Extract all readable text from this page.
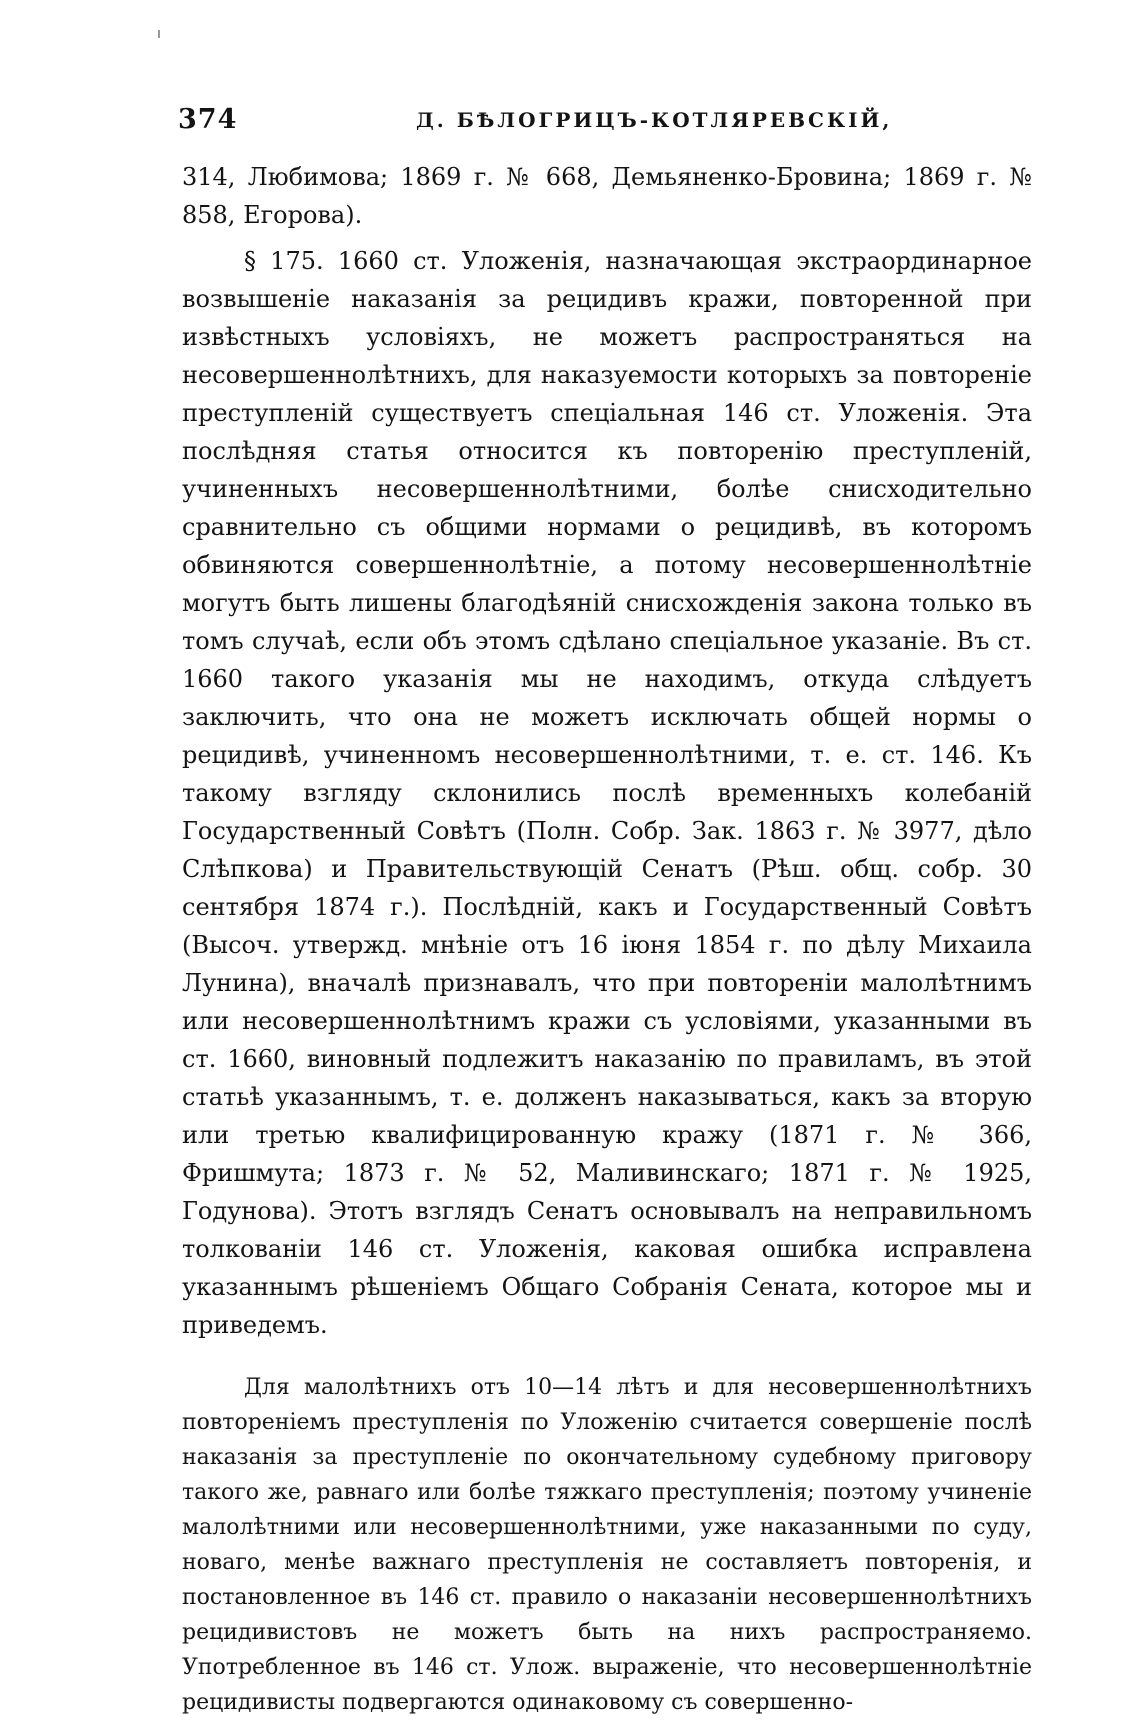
374	Д. БѢЛОГРИЦЪ-КОТЛЯРЕВСКІЙ,

314, Любимова; 1869 г. № 668, Демьяненко-Бровина; 1869 г. № 858, Егорова).

§ 175. 1660 ст. Уложенія, назначающая экстраординарное возвышеніе наказанія за рецидивъ кражи, повторенной при извѣстныхъ условіяхъ, не можетъ распространяться на несовершеннолѣтнихъ, для наказуемости которыхъ за повтореніе преступленій существуетъ спеціальная 146 ст. Уложенія. Эта послѣдняя статья относится къ повторенію преступленій, учиненныхъ несовершеннолѣтними, болѣе снисходительно сравнительно съ общими нормами о рецидивѣ, въ которомъ обвиняются совершеннолѣтніе, а потому несовершеннолѣтніе могутъ быть лишены благодѣяній снисхожденія закона только въ томъ случаѣ, если объ этомъ сдѣлано спеціальное указаніе. Въ ст. 1660 такого указанія мы не находимъ, откуда слѣдуетъ заключить, что она не можетъ исключать общей нормы о рецидивѣ, учиненномъ несовершеннолѣтними, т. е. ст. 146. Къ такому взгляду склонились послѣ временныхъ колебаній Государственный Совѣтъ (Полн. Собр. Зак. 1863 г. № 3977, дѣло Слѣпкова) и Правительствующій Сенатъ (Рѣш. общ. собр. 30 сентября 1874 г.). Послѣдній, какъ и Государственный Совѣтъ (Высоч. утвержд. мнѣніе отъ 16 іюня 1854 г. по дѣлу Михаила Лунина), вначалѣ признавалъ, что при повтореніи малолѣтнимъ или несовершеннолѣтнимъ кражи съ условіями, указанными въ ст. 1660, виновный подлежитъ наказанію по правиламъ, въ этой статьѣ указаннымъ, т. е. долженъ наказываться, какъ за вторую или третью квалифицированную кражу (1871 г. № 366, Фришмута; 1873 г. № 52, Маливинскаго; 1871 г. № 1925, Годунова). Этотъ взглядъ Сенатъ основывалъ на неправильномъ толкованіи 146 ст. Уложенія, каковая ошибка исправлена указаннымъ рѣшеніемъ Общаго Собранія Сената, которое мы и приведемъ.

Для малолѣтнихъ отъ 10—14 лѣтъ и для несовершеннолѣтнихъ повтореніемъ преступленія по Уложенію считается совершеніе послѣ наказанія за преступленіе по окончательному судебному приговору такого же, равнаго или болѣе тяжкаго преступленія; поэтому учиненіе малолѣтними или несовершеннолѣтними, уже наказанными по суду, новаго, менѣе важнаго преступленія не составляетъ повторенія, и постановленное въ 146 ст. правило о наказаніи несовершеннолѣтнихъ рецидивистовъ не можетъ быть на нихъ распространяемо. Употребленное въ 146 ст. Улож. выраженіе, что несовершеннолѣтніе рецидивисты подвергаются одинаковому съ совершенно-
